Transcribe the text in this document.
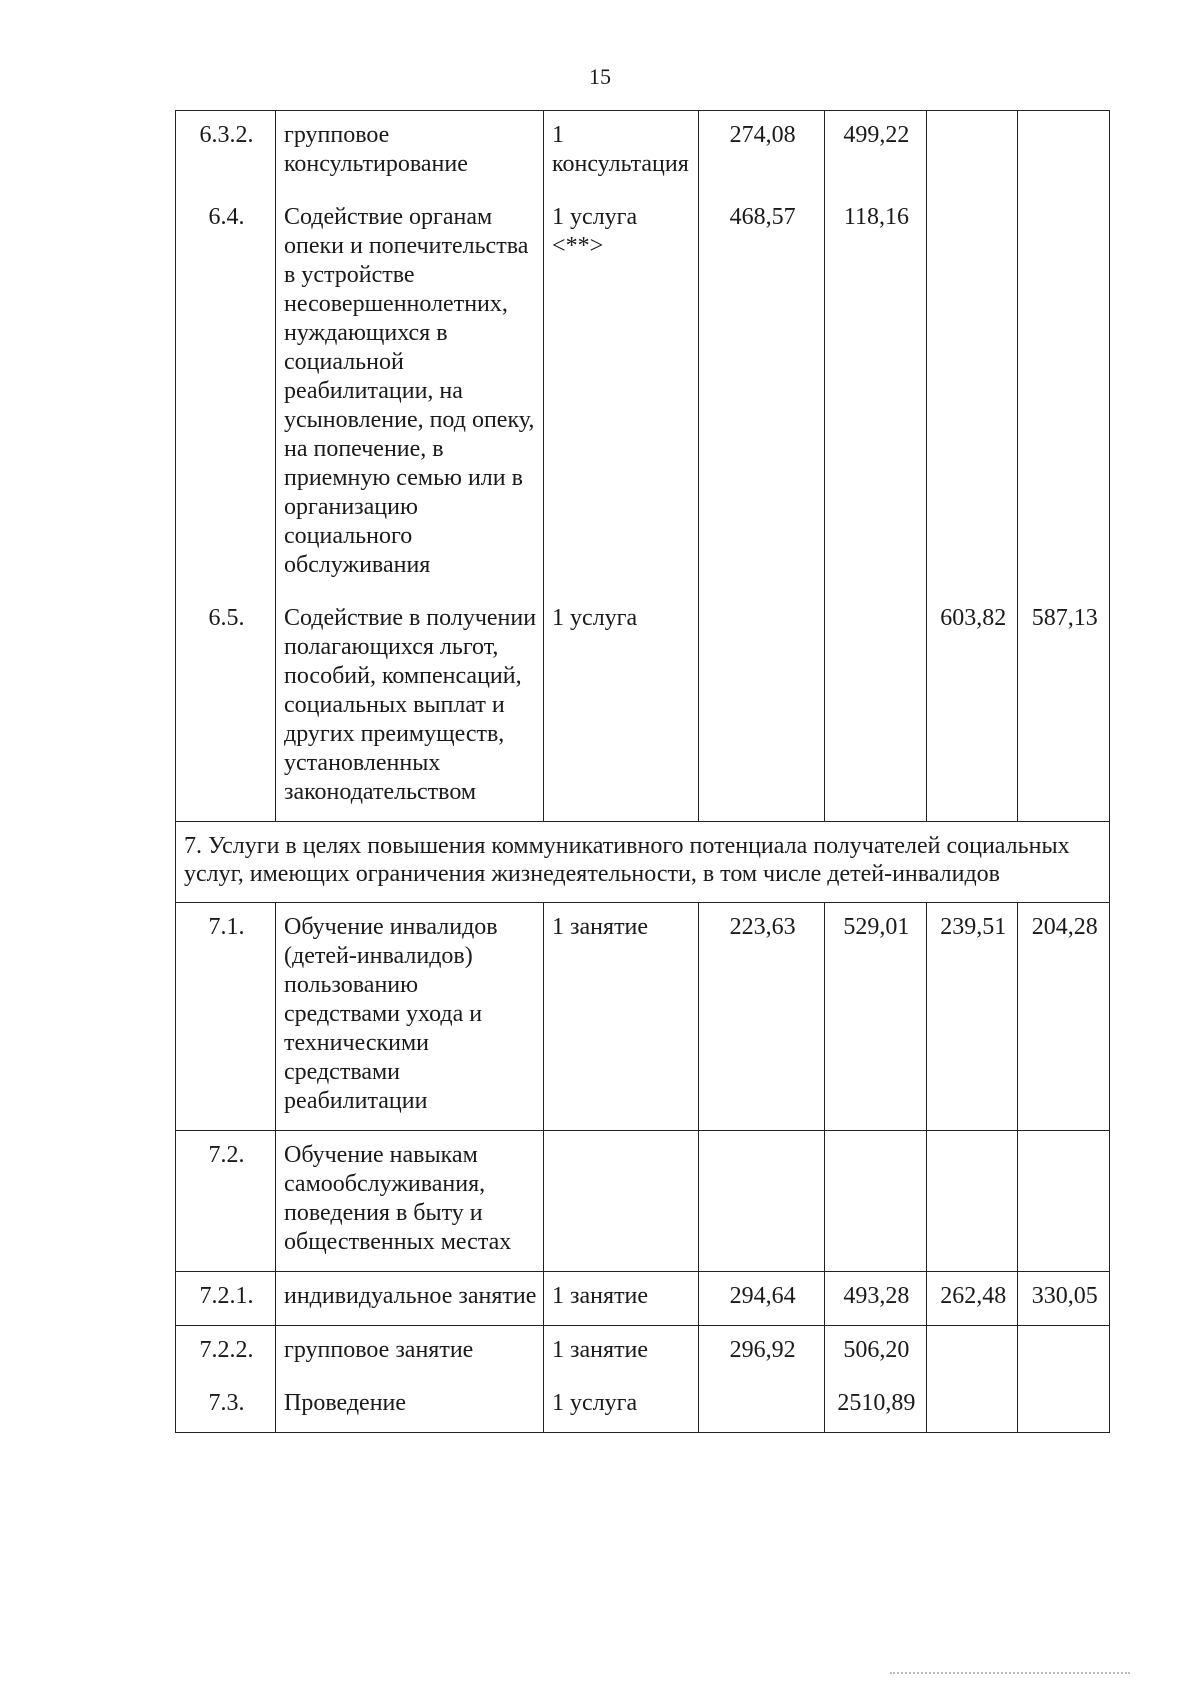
15
6.3.2.	групповое консультирование	1 консультация	274,08	499,22		
6.4.	Содействие органам опеки и попечительства в устройстве несовершеннолетних, нуждающихся в социальной реабилитации, на усыновление, под опеку, на попечение, в приемную семью или в организацию социального обслуживания	1 услуга <**>	468,57	118,16		
6.5.	Содействие в получении полагающихся льгот, пособий, компенсаций, социальных выплат и других преимуществ, установленных законодательством	1 услуга			603,82	587,13
7. Услуги в целях повышения коммуникативного потенциала получателей социальных услуг, имеющих ограничения жизнедеятельности, в том числе детей-инвалидов						
7.1.	Обучение инвалидов (детей-инвалидов) пользованию средствами ухода и техническими средствами реабилитации	1 занятие	223,63	529,01	239,51	204,28
7.2.	Обучение навыкам самообслуживания, поведения в быту и общественных местах					
7.2.1.	индивидуальное занятие	1 занятие	294,64	493,28	262,48	330,05
7.2.2.	групповое занятие	1 занятие	296,92	506,20		
7.3.	Проведение	1 услуга		2510,89		
